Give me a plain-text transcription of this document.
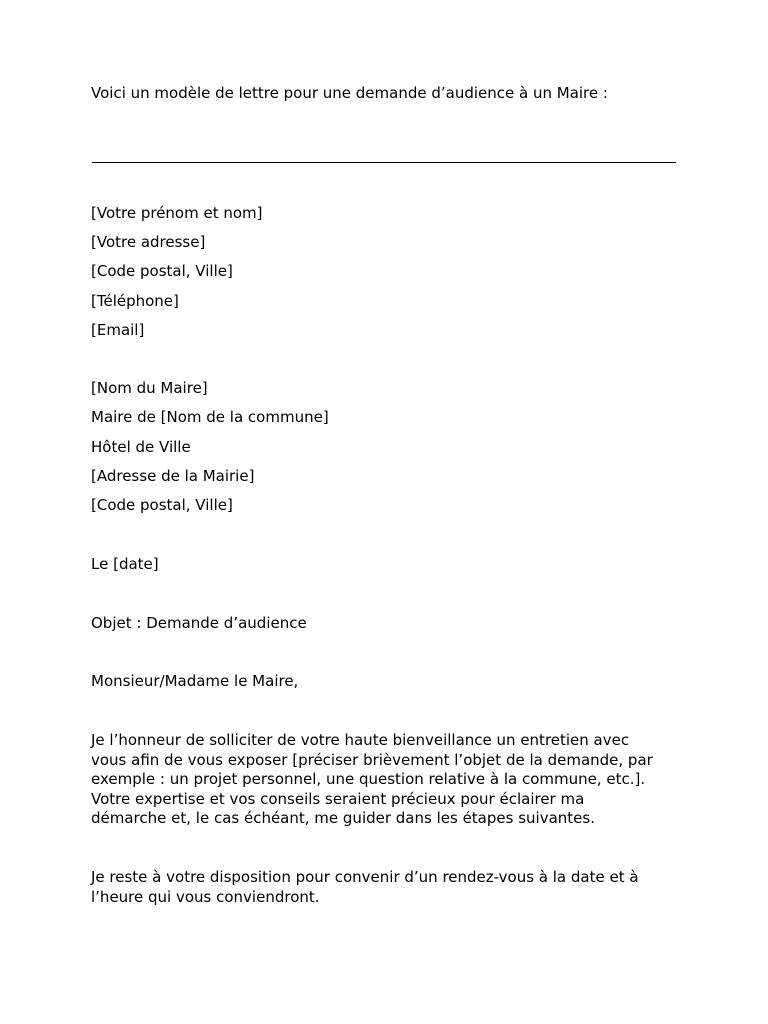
Voici un modèle de lettre pour une demande d’audience à un Maire :

[Votre prénom et nom]

[Votre adresse]

[Code postal, Ville]

[Téléphone]

[Email]

[Nom du Maire]

Maire de [Nom de la commune]

Hôtel de Ville

[Adresse de la Mairie]

[Code postal, Ville]

Le [date]

Objet : Demande d’audience

Monsieur/Madame le Maire,

Je l’honneur de solliciter de votre haute bienveillance un entretien avec
vous afin de vous exposer [préciser brièvement l’objet de la demande, par
exemple : un projet personnel, une question relative à la commune, etc.].
Votre expertise et vos conseils seraient précieux pour éclairer ma
démarche et, le cas échéant, me guider dans les étapes suivantes.
Je reste à votre disposition pour convenir d’un rendez-vous à la date et à
l’heure qui vous conviendront.
